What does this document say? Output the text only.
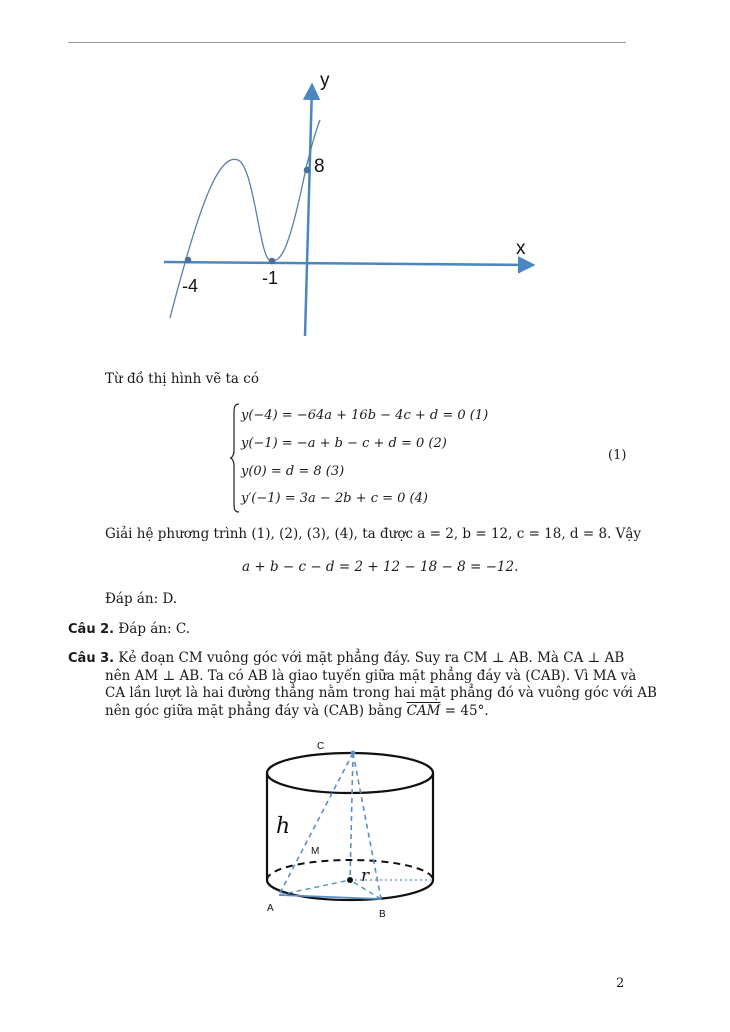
y
x
-4	-1
8
Từ đồ thị hình vẽ ta có
y(−4) = −64a + 16b − 4c + d = 0 (1)
y(−1) = −a + b − c + d = 0 (2)
y(0) = d = 8 (3)
y′(−1) = 3a − 2b + c = 0 (4)
(1)
Giải hệ phương trình (1), (2), (3), (4), ta được a = 2, b = 12, c = 18, d = 8. Vậy
a + b − c − d = 2 + 12 − 18 − 8 = −12.
Đáp án: D.
Câu 2. Đáp án: C.
Câu 3. Kẻ đoạn CM vuông góc với mặt phẳng đáy. Suy ra CM ⊥ AB. Mà CA ⊥ AB
nên AM ⊥ AB. Ta có AB là giao tuyến giữa mặt phẳng đáy và (CAB). Vì MA và
CA lần lượt là hai đường thẳng nằm trong hai mặt phẳng đó và vuông góc với AB
nên góc giữa mặt phẳng đáy và (CAB) bằng $\overline{CAM} = 45^\circ$.
C
h
M
r
A
B
2
